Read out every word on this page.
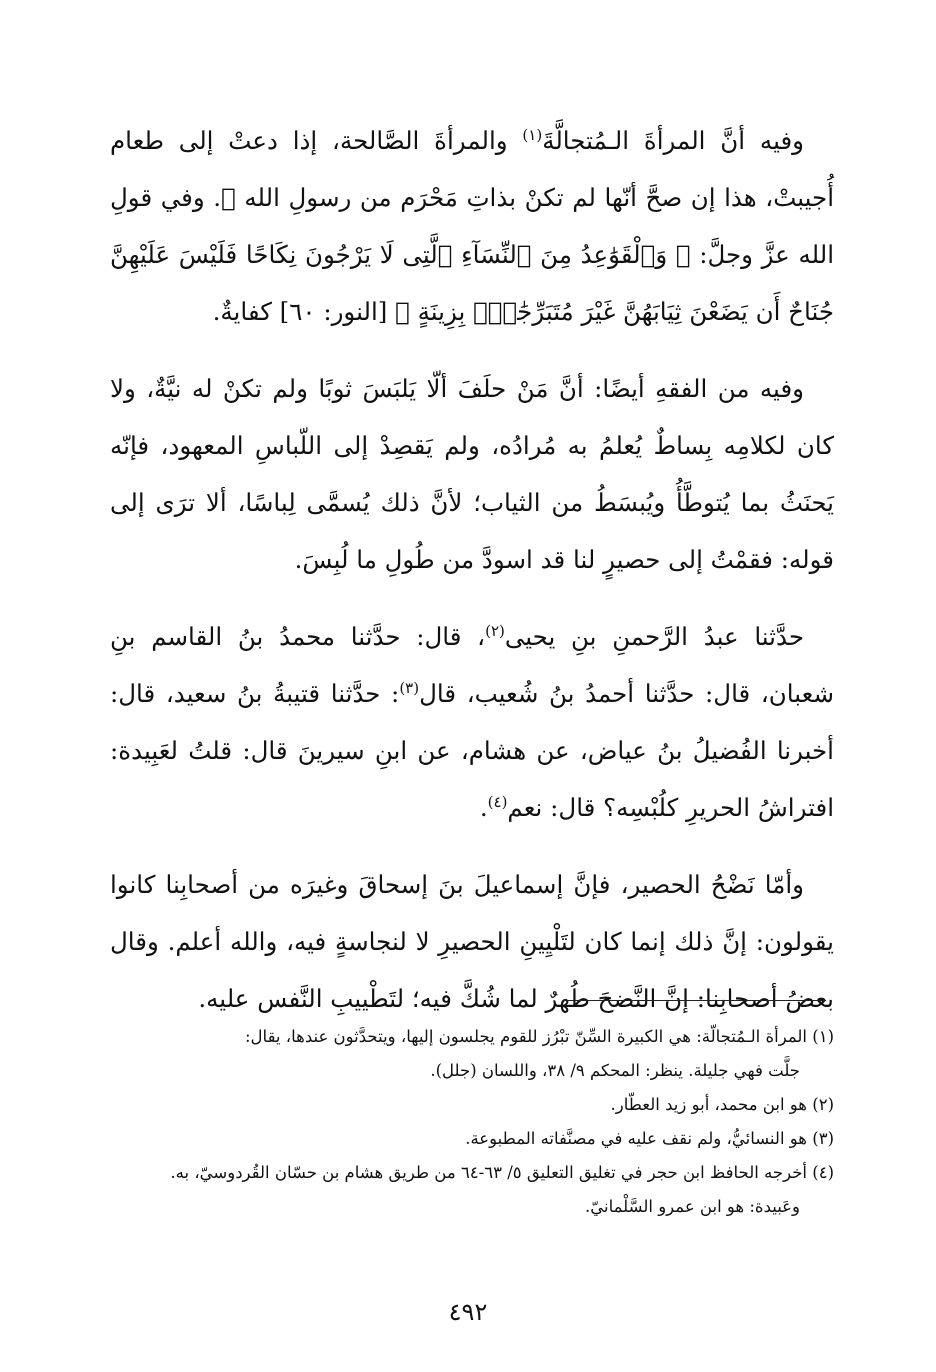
وفيه أنَّ المرأةَ الـمُتجالَّةَ$^{(١)}$ والمرأةَ الصَّالحة، إذا دعتْ إلى طعام أُجيبتْ، هذا إن صحَّ أنّها لم تكنْ بذاتِ مَحْرَم من رسولِ الله ﷺ. وفي قولِ الله عزَّ وجلَّ: ﴿ وَٱلْقَوَٰعِدُ مِنَ ٱلنِّسَآءِ ٱلَّتِى لَا يَرْجُونَ نِكَاحًا فَلَيْسَ عَلَيْهِنَّ جُنَاحٌ أَن يَضَعْنَ ثِيَابَهُنَّ غَيْرَ مُتَبَرِّجَٰتٍۭ بِزِينَةٍ ﴾ [النور: ٦٠] كفايةٌ.

وفيه من الفقهِ أيضًا: أنَّ مَنْ حلَفَ ألّا يَلبَسَ ثوبًا ولم تكنْ له نيَّةٌ، ولا كان لكلامِه بِساطٌ يُعلمُ به مُرادُه، ولم يَقصِدْ إلى اللّباسِ المعهود، فإنّه يَحنَثُ بما يُتوطَّأُ ويُبسَطُ من الثياب؛ لأنَّ ذلك يُسمَّى لِباسًا، ألا ترَى إلى قوله: فقمْتُ إلى حصيرٍ لنا قد اسودَّ من طُولِ ما لُبِسَ.

حدَّثنا عبدُ الرَّحمنِ بنِ يحيى$^{(٢)}$، قال: حدَّثنا محمدُ بنُ القاسم بنِ شعبان، قال: حدَّثنا أحمدُ بنُ شُعيب، قال$^{(٣)}$: حدَّثنا قتيبةُ بنُ سعيد، قال: أخبرنا الفُضيلُ بنُ عياض، عن هشام، عن ابنِ سيرينَ قال: قلتُ لعَبِيدة: افتراشُ الحريرِ كلُبْسِه؟ قال: نعم$^{(٤)}$.

وأمّا نَضْحُ الحصير، فإنَّ إسماعيلَ بنَ إسحاقَ وغيرَه من أصحابِنا كانوا يقولون: إنَّ ذلك إنما كان لتَلْيِينِ الحصيرِ لا لنجاسةٍ فيه، والله أعلم. وقال بعضُ أصحابِنا: إنَّ النَّضحَ طُهرٌ لما شُكَّ فيه؛ لتَطْييبِ النَّفس عليه.

(١) المرأة الـمُتجالّة: هي الكبيرة السِّنّ تبْرُز للقوم يجلسون إليها، ويتحدَّثون عندها، يقال:

جلَّت فهي جليلة. ينظر: المحكم ٩/ ٣٨، واللسان (جلل).

(٢) هو ابن محمد، أبو زيد العطّار.

(٣) هو النسائيُّ، ولم نقف عليه في مصنَّفاته المطبوعة.

(٤) أخرجه الحافظ ابن حجر في تغليق التعليق ٥/ ٦٣-٦٤ من طريق هشام بن حسّان القُردوسيّ، به.

وعَبيدة: هو ابن عمرو السَّلْمانيّ.

٤٩٢
